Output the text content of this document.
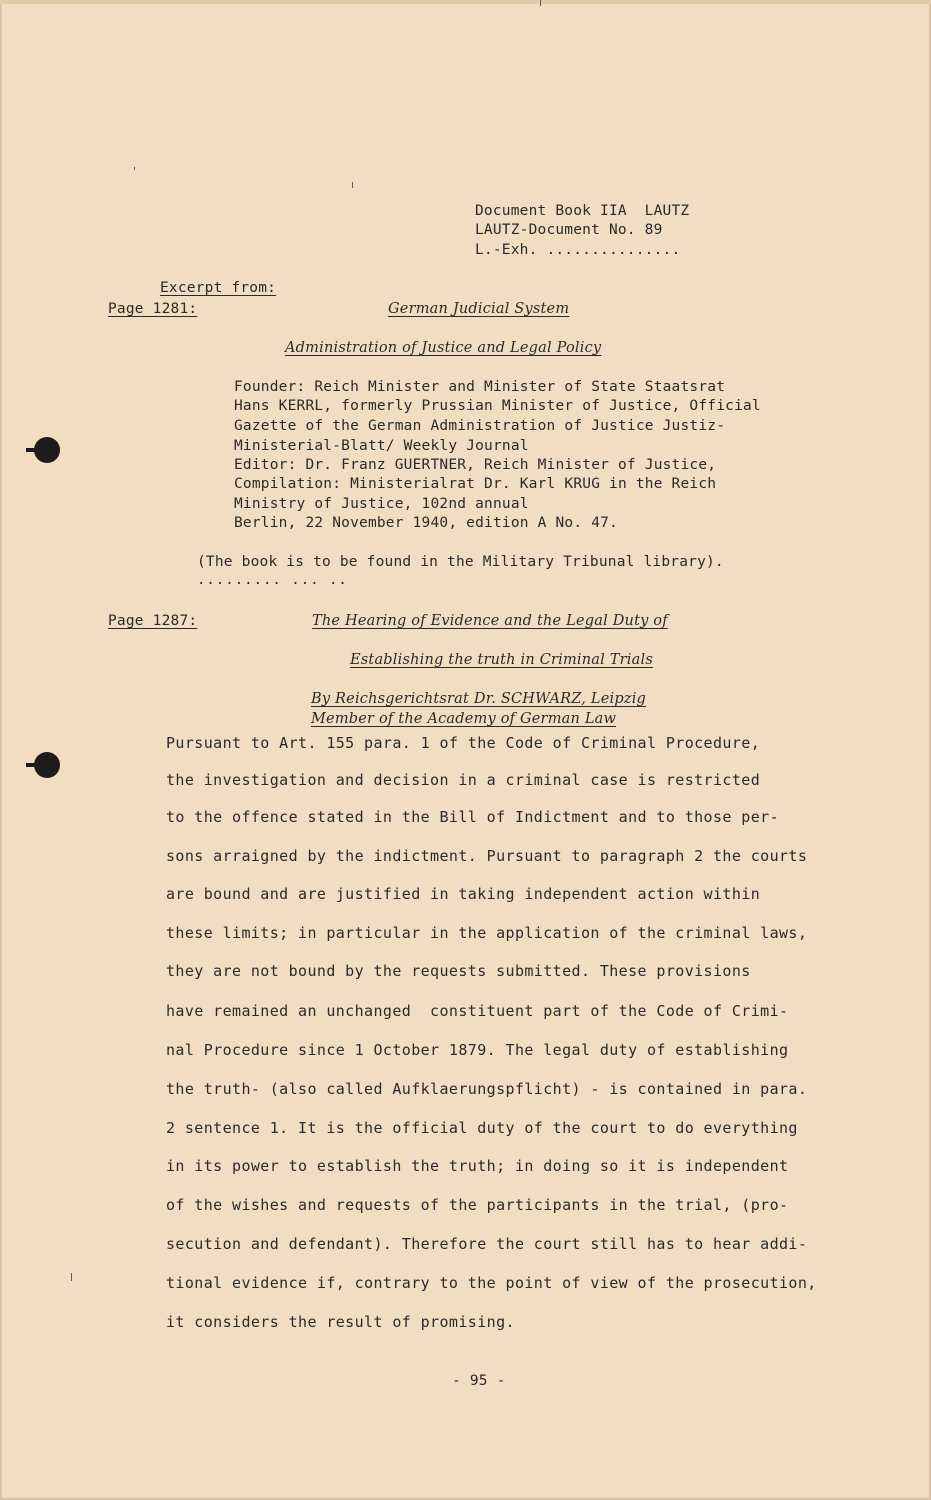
Document Book IIA  LAUTZ
LAUTZ-Document No. 89
L.-Exh. ...............
Excerpt from:
Page 1281:	German Judicial System
Administration of Justice and Legal Policy
Founder: Reich Minister and Minister of State Staatsrat
Hans KERRL, formerly Prussian Minister of Justice, Official
Gazette of the German Administration of Justice Justiz-
Ministerial-Blatt/ Weekly Journal
Editor: Dr. Franz GUERTNER, Reich Minister of Justice,
Compilation: Ministerialrat Dr. Karl KRUG in the Reich
Ministry of Justice, 102nd annual
Berlin, 22 November 1940, edition A No. 47.
(The book is to be found in the Military Tribunal library).
......... ... ..
Page 1287:	The Hearing of Evidence and the Legal Duty of
Establishing the truth in Criminal Trials
By Reichsgerichtsrat Dr. SCHWARZ, Leipzig
Member of the Academy of German Law
Pursuant to Art. 155 para. 1 of the Code of Criminal Procedure,
the investigation and decision in a criminal case is restricted
to the offence stated in the Bill of Indictment and to those per-
sons arraigned by the indictment. Pursuant to paragraph 2 the courts
are bound and are justified in taking independent action within
these limits; in particular in the application of the criminal laws,
they are not bound by the requests submitted. These provisions
have remained an unchanged  constituent part of the Code of Crimi-
nal Procedure since 1 October 1879. The legal duty of establishing
the truth- (also called Aufklaerungspflicht) - is contained in para.
2 sentence 1. It is the official duty of the court to do everything
in its power to establish the truth; in doing so it is independent
of the wishes and requests of the participants in the trial, (pro-
secution and defendant). Therefore the court still has to hear addi-
tional evidence if, contrary to the point of view of the prosecution,
it considers the result of promising.
- 95 -
